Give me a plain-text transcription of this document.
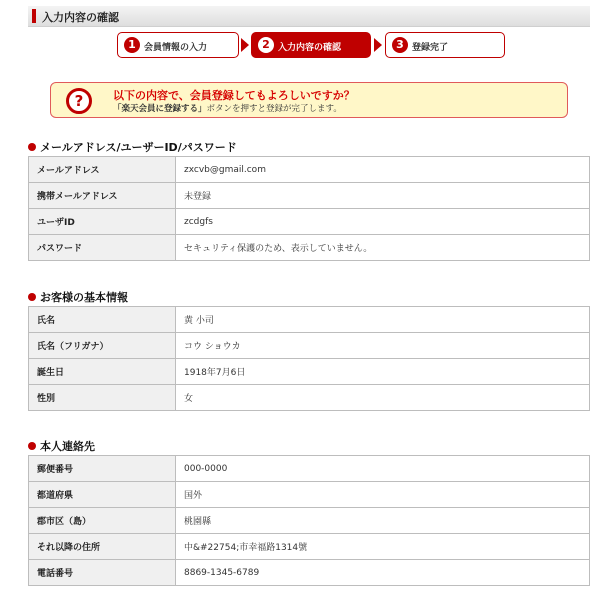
入力内容の確認
1 会員情報の入力	2 入力内容の確認	3 登録完了
?	以下の内容で、会員登録してもよろしいですか？
「楽天会員に登録する」ボタンを押すと登録が完了します。
メールアドレス/ユーザーID/パスワード
メールアドレス	zxcvb@gmail.com
携帯メールアドレス	未登録
ユーザID	zcdgfs
パスワード	セキュリティ保護のため、表示していません。
お客様の基本情報
氏名	黄 小司
氏名（フリガナ）	コウ ショウカ
誕生日	1918年7月6日
性別	女
本人連絡先
郵便番号	000-0000
都道府県	国外
郡市区（島）	桃園縣
それ以降の住所	中&#22754;市幸福路1314號
電話番号	8869-1345-6789
